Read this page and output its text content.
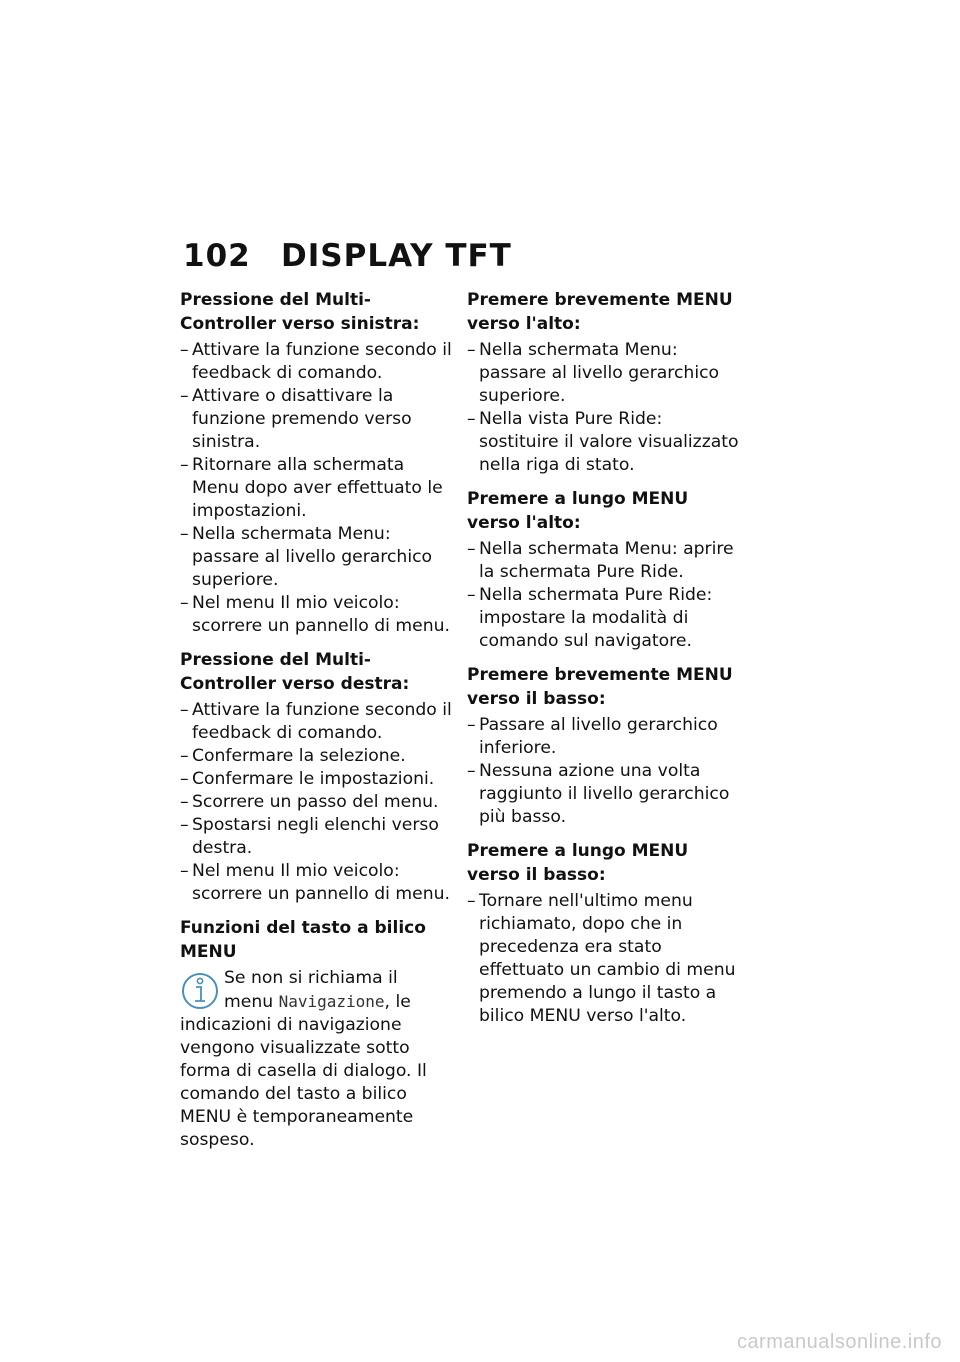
102 DISPLAY TFT
Pressione del Multi-Controller verso sinistra:
– Attivare la funzione secondo il feedback di comando.
– Attivare o disattivare la funzione premendo verso sinistra.
– Ritornare alla schermata Menu dopo aver effettuato le impostazioni.
– Nella schermata Menu: passare al livello gerarchico superiore.
– Nel menu Il mio veicolo: scorrere un pannello di menu.
Pressione del Multi-Controller verso destra:
– Attivare la funzione secondo il feedback di comando.
– Confermare la selezione.
– Confermare le impostazioni.
– Scorrere un passo del menu.
– Spostarsi negli elenchi verso destra.
– Nel menu Il mio veicolo: scorrere un pannello di menu.
Funzioni del tasto a bilico MENU
Se non si richiama il menu Navigazione, le indicazioni di navigazione vengono visualizzate sotto forma di casella di dialogo. Il comando del tasto a bilico MENU è temporaneamente sospeso.
Premere brevemente MENU verso l'alto:
– Nella schermata Menu: passare al livello gerarchico superiore.
– Nella vista Pure Ride: sostituire il valore visualizzato nella riga di stato.
Premere a lungo MENU verso l'alto:
– Nella schermata Menu: aprire la schermata Pure Ride.
– Nella schermata Pure Ride: impostare la modalità di comando sul navigatore.
Premere brevemente MENU verso il basso:
– Passare al livello gerarchico inferiore.
– Nessuna azione una volta raggiunto il livello gerarchico più basso.
Premere a lungo MENU verso il basso:
– Tornare nell'ultimo menu richiamato, dopo che in precedenza era stato effettuato un cambio di menu premendo a lungo il tasto a bilico MENU verso l'alto.
carmanualsonline.info
